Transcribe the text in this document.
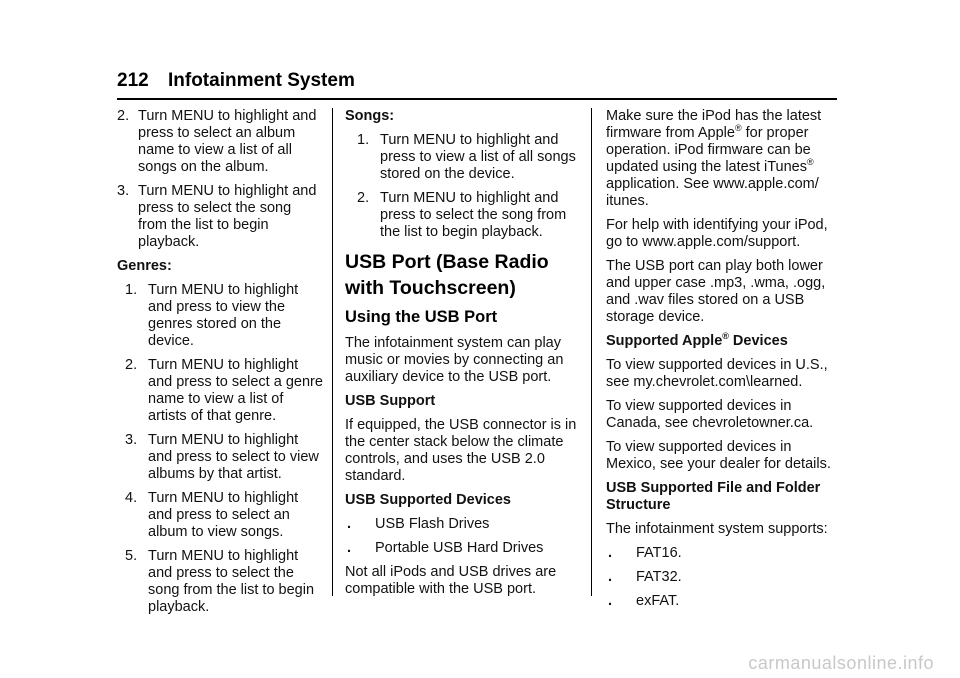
212 Infotainment System
2. Turn MENU to highlight and press to select an album name to view a list of all songs on the album.
3. Turn MENU to highlight and press to select the song from the list to begin playback.

Genres:

1. Turn MENU to highlight and press to view the genres stored on the device.
2. Turn MENU to highlight and press to select a genre name to view a list of artists of that genre.
3. Turn MENU to highlight and press to select to view albums by that artist.
4. Turn MENU to highlight and press to select an album to view songs.
5. Turn MENU to highlight and press to select the song from the list to begin playback.

Songs:

1. Turn MENU to highlight and press to view a list of all songs stored on the device.
2. Turn MENU to highlight and press to select the song from the list to begin playback.
USB Port (Base Radio with Touchscreen)
Using the USB Port

The infotainment system can play music or movies by connecting an auxiliary device to the USB port.

USB Support

If equipped, the USB connector is in the center stack below the climate controls, and uses the USB 2.0 standard.

USB Supported Devices

.	USB Flash Drives
.	Portable USB Hard Drives

Not all iPods and USB drives are compatible with the USB port.

Make sure the iPod has the latest firmware from Apple® for proper operation. iPod firmware can be updated using the latest iTunes® application. See www.apple.com/ itunes.

For help with identifying your iPod, go to www.apple.com/support.

The USB port can play both lower and upper case .mp3, .wma, .ogg, and .wav files stored on a USB storage device.

Supported Apple® Devices

To view supported devices in U.S., see my.chevrolet.com\learned.

To view supported devices in Canada, see chevroletowner.ca.

To view supported devices in Mexico, see your dealer for details.

USB Supported File and Folder Structure

The infotainment system supports:

.	FAT16.
.	FAT32.
.	exFAT.
carmanualsonline.info
